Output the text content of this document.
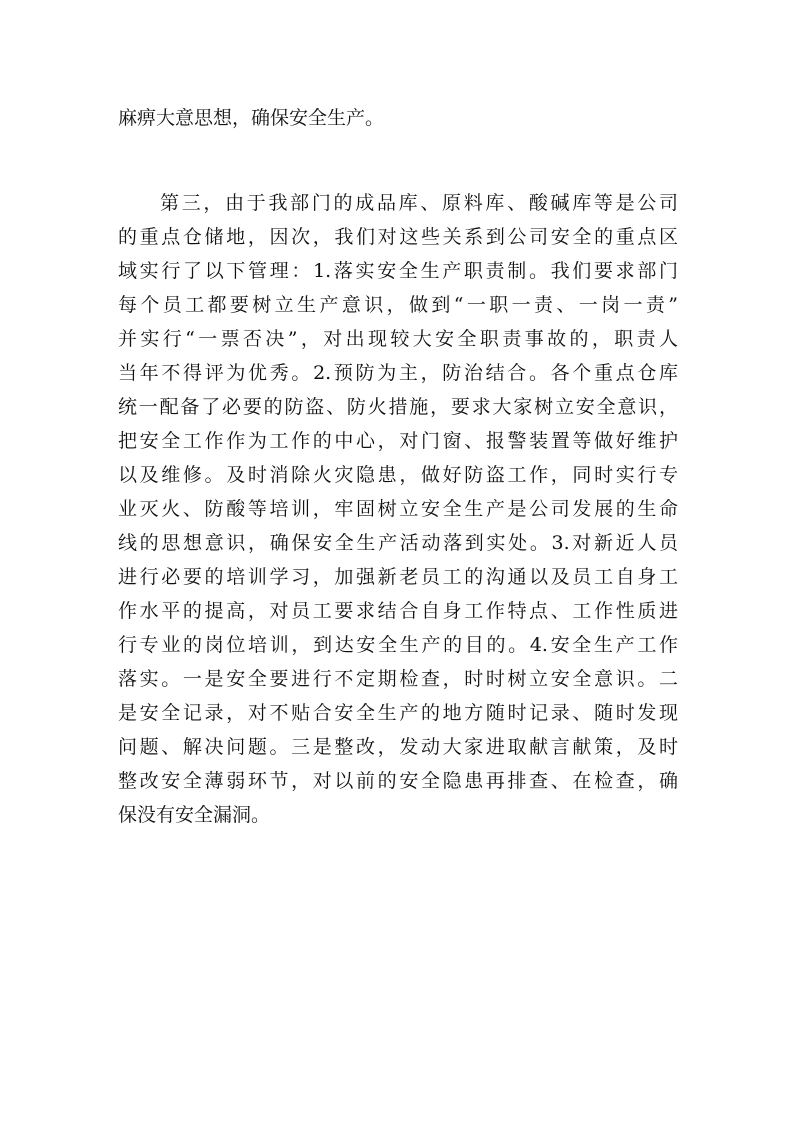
麻痹大意思想，确保安全生产。
第三，由于我部门的成品库、原料库、酸碱库等是公司
的重点仓储地，因次，我们对这些关系到公司安全的重点区
域实行了以下管理：1.落实安全生产职责制。我们要求部门
每个员工都要树立生产意识，做到“一职一责、一岗一责”
并实行“一票否决”，对出现较大安全职责事故的，职责人
当年不得评为优秀。2.预防为主，防治结合。各个重点仓库
统一配备了必要的防盗、防火措施，要求大家树立安全意识，
把安全工作作为工作的中心，对门窗、报警装置等做好维护
以及维修。及时消除火灾隐患，做好防盗工作，同时实行专
业灭火、防酸等培训，牢固树立安全生产是公司发展的生命
线的思想意识，确保安全生产活动落到实处。3.对新近人员
进行必要的培训学习，加强新老员工的沟通以及员工自身工
作水平的提高，对员工要求结合自身工作特点、工作性质进
行专业的岗位培训，到达安全生产的目的。4.安全生产工作
落实。一是安全要进行不定期检查，时时树立安全意识。二
是安全记录，对不贴合安全生产的地方随时记录、随时发现
问题、解决问题。三是整改，发动大家进取献言献策，及时
整改安全薄弱环节，对以前的安全隐患再排查、在检查，确
保没有安全漏洞。
